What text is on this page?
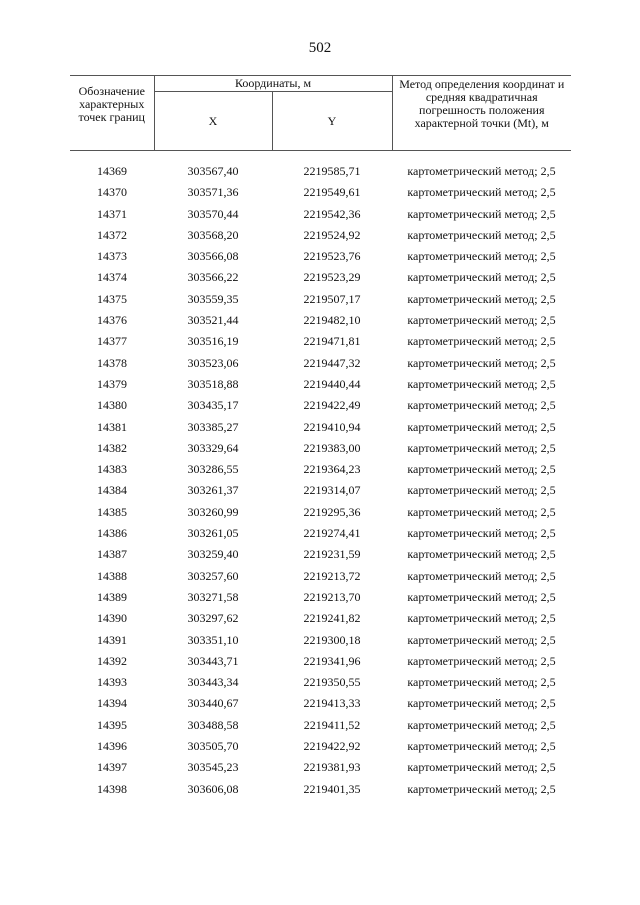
502
Обозначение характерных точек границ	Координаты, м		Метод определения координат и средняя квадратичная погрешность положения характерной точки (Mt), м
	X	Y	

14369	303567,40	2219585,71	картометрический метод; 2,5
14370	303571,36	2219549,61	картометрический метод; 2,5
14371	303570,44	2219542,36	картометрический метод; 2,5
14372	303568,20	2219524,92	картометрический метод; 2,5
14373	303566,08	2219523,76	картометрический метод; 2,5
14374	303566,22	2219523,29	картометрический метод; 2,5
14375	303559,35	2219507,17	картометрический метод; 2,5
14376	303521,44	2219482,10	картометрический метод; 2,5
14377	303516,19	2219471,81	картометрический метод; 2,5
14378	303523,06	2219447,32	картометрический метод; 2,5
14379	303518,88	2219440,44	картометрический метод; 2,5
14380	303435,17	2219422,49	картометрический метод; 2,5
14381	303385,27	2219410,94	картометрический метод; 2,5
14382	303329,64	2219383,00	картометрический метод; 2,5
14383	303286,55	2219364,23	картометрический метод; 2,5
14384	303261,37	2219314,07	картометрический метод; 2,5
14385	303260,99	2219295,36	картометрический метод; 2,5
14386	303261,05	2219274,41	картометрический метод; 2,5
14387	303259,40	2219231,59	картометрический метод; 2,5
14388	303257,60	2219213,72	картометрический метод; 2,5
14389	303271,58	2219213,70	картометрический метод; 2,5
14390	303297,62	2219241,82	картометрический метод; 2,5
14391	303351,10	2219300,18	картометрический метод; 2,5
14392	303443,71	2219341,96	картометрический метод; 2,5
14393	303443,34	2219350,55	картометрический метод; 2,5
14394	303440,67	2219413,33	картометрический метод; 2,5
14395	303488,58	2219411,52	картометрический метод; 2,5
14396	303505,70	2219422,92	картометрический метод; 2,5
14397	303545,23	2219381,93	картометрический метод; 2,5
14398	303606,08	2219401,35	картометрический метод; 2,5
